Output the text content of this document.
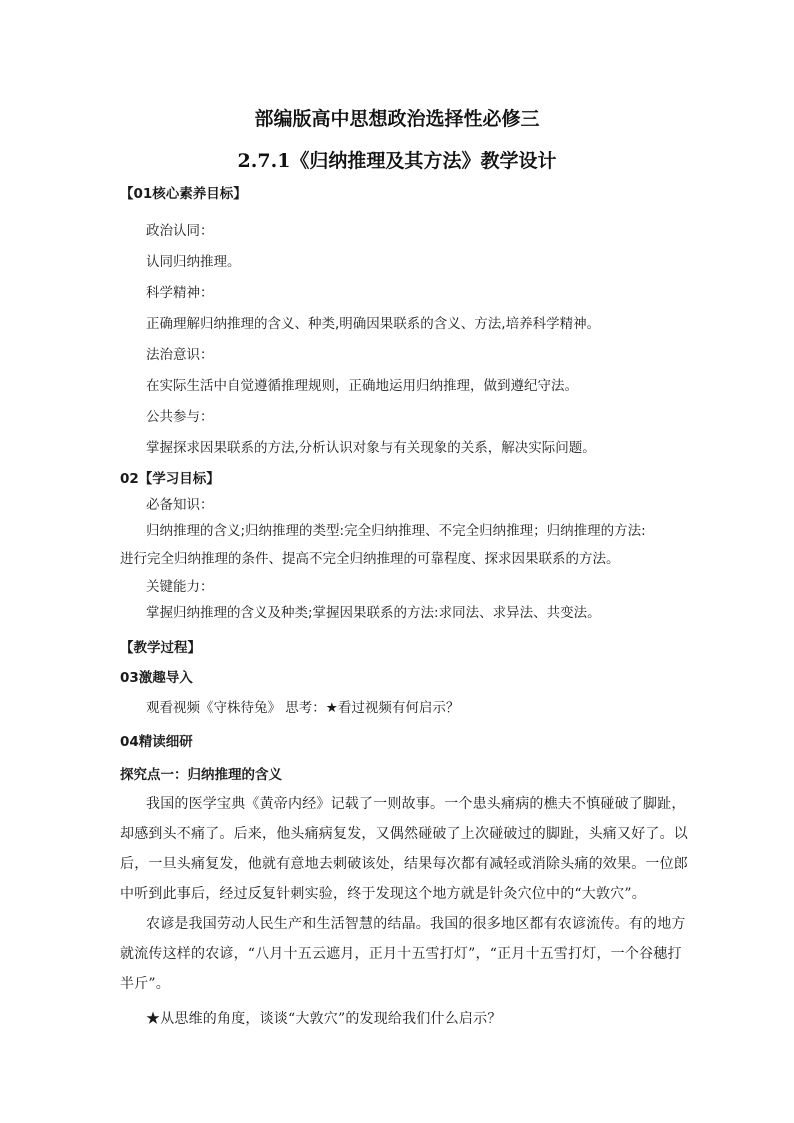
部编版高中思想政治选择性必修三
2.7.1《归纳推理及其方法》教学设计
【01核心素养目标】
政治认同：
认同归纳推理。
科学精神：
正确理解归纳推理的含义、种类,明确因果联系的含义、方法,培养科学精神。
法治意识：
在实际生活中自觉遵循推理规则，正确地运用归纳推理，做到遵纪守法。
公共参与：
掌握探求因果联系的方法,分析认识对象与有关现象的关系，解决实际问题。
02【学习目标】
必备知识：
归纳推理的含义;归纳推理的类型:完全归纳推理、不完全归纳推理；归纳推理的方法:
进行完全归纳推理的条件、提高不完全归纳推理的可靠程度、探求因果联系的方法。
关键能力：
掌握归纳推理的含义及种类;掌握因果联系的方法:求同法、求异法、共变法。
【教学过程】
03激趣导入
观看视频《守株待兔》 思考：★看过视频有何启示？
04精读细研
探究点一：归纳推理的含义
我国的医学宝典《黄帝内经》记载了一则故事。一个患头痛病的樵夫不慎碰破了脚趾，
却感到头不痛了。后来，他头痛病复发，又偶然碰破了上次碰破过的脚趾，头痛又好了。以
后，一旦头痛复发，他就有意地去刺破该处，结果每次都有减轻或消除头痛的效果。一位郎
中听到此事后，经过反复针刺实验，终于发现这个地方就是针灸穴位中的“大敦穴”。
农谚是我国劳动人民生产和生活智慧的结晶。我国的很多地区都有农谚流传。有的地方
就流传这样的农谚，“八月十五云遮月，正月十五雪打灯”，“正月十五雪打灯，一个谷穗打
半斤”。
★从思维的角度，谈谈“大敦穴”的发现给我们什么启示？
